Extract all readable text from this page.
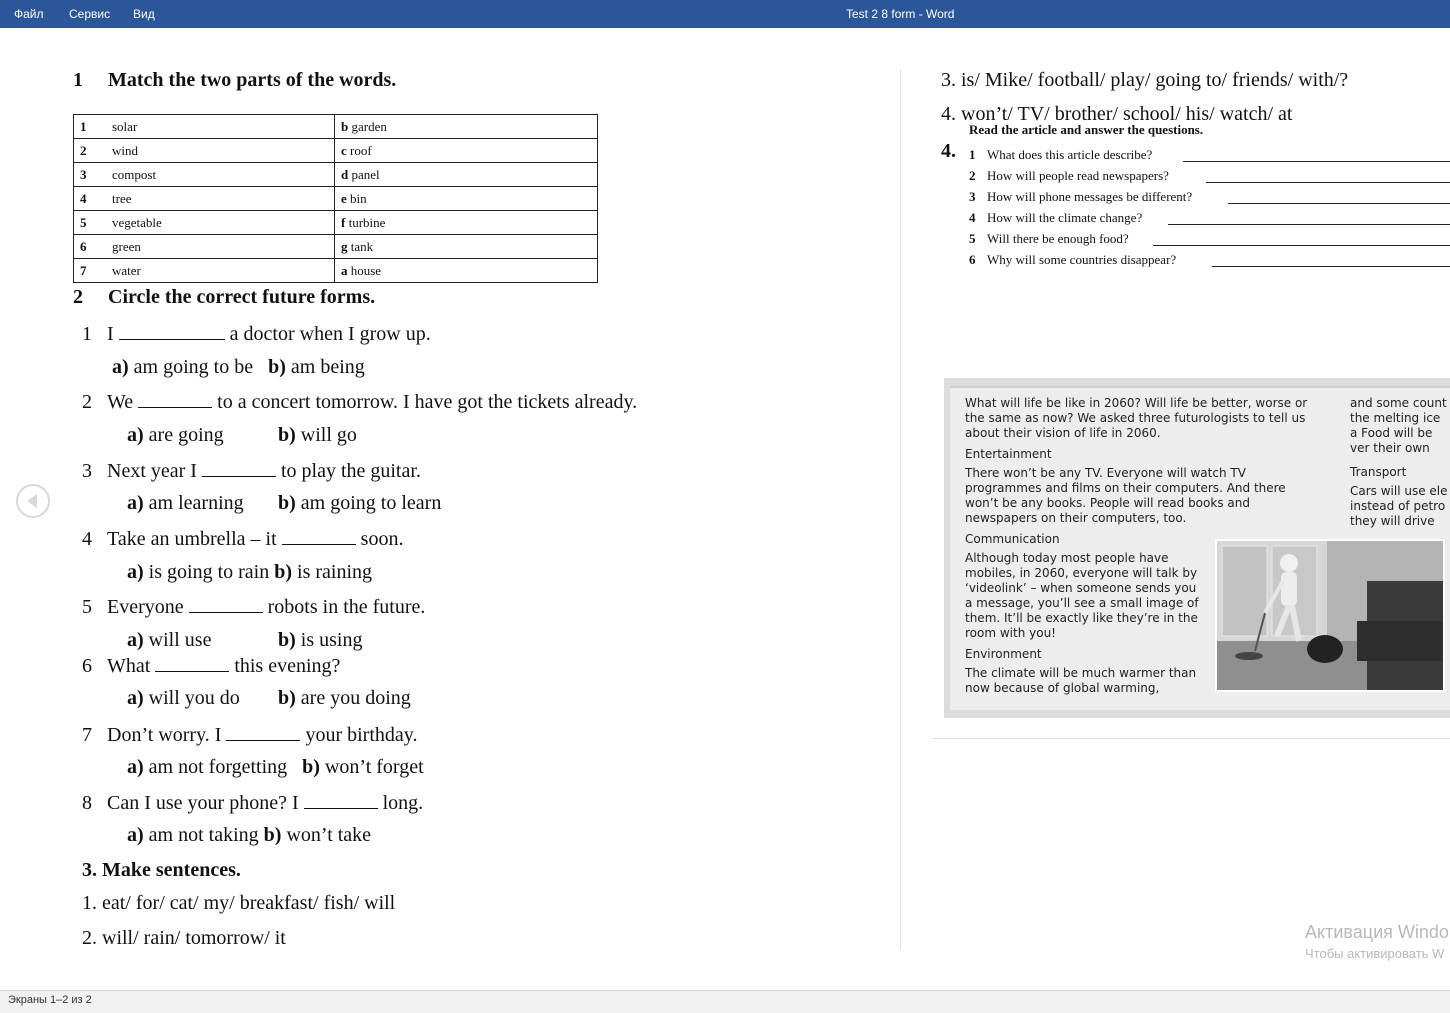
Файл Сервис Вид	Test 2 8 form - Word
1 Match the two parts of the words.
1	solar	b garden
2	wind	c roof
3	compost	d panel
4	tree	e bin
5	vegetable	f turbine
6	green	g tank
7	water	a house
2 Circle the correct future forms.
1 I	a doctor when I grow up.
a) am going to be b) am being
2 We	to a concert tomorrow. I have got the tickets already.
a) are going	b) will go
3 Next year I	to play the guitar.
a) am learning b) am going to learn
4 Take an umbrella – it	soon.
a) is going to rain b) is raining
5 Everyone	robots in the future.
a) will use	b) is using
6 What	this evening?
a) will you do b) are you doing
7 Don’t worry. I	your birthday.
a) am not forgetting b) won’t forget
8 Can I use your phone? I	long.
a) am not taking b) won’t take
3. Make sentences.
1. eat/ for/ cat/ my/ breakfast/ fish/ will
2. will/ rain/ tomorrow/ it
3. is/ Mike/ football/ play/ going to/ friends/ with/?
4. won’t/ TV/ brother/ school/ his/ watch/ at
Read the article and answer the questions.
4. 1 What does this article describe?
2 How will people read newspapers?
3 How will phone messages be different?
4 How will the climate change?
5 Will there be enough food?
6 Why will some countries disappear?
What will life be like in 2060? Will life be better, worse or the same as now? We asked three futurologists to tell us about their vision of life in 2060.
Entertainment
There won’t be any TV. Everyone will watch TV programmes and films on their computers. And there won’t be any books. People will read books and newspapers on their computers, too.
Communication
Although today most people have mobiles, in 2060, everyone will talk by ‘videolink’ – when someone sends you a message, you’ll see a small image of them. It’ll be exactly like they’re in the room with you!
Environment
The climate will be much warmer than now because of global warming,
and some count the melting ice a Food will be ver their own
Transport
Cars will use ele instead of petro they will drive
Активация Windo
Чтобы активировать W
Экраны 1–2 из 2
